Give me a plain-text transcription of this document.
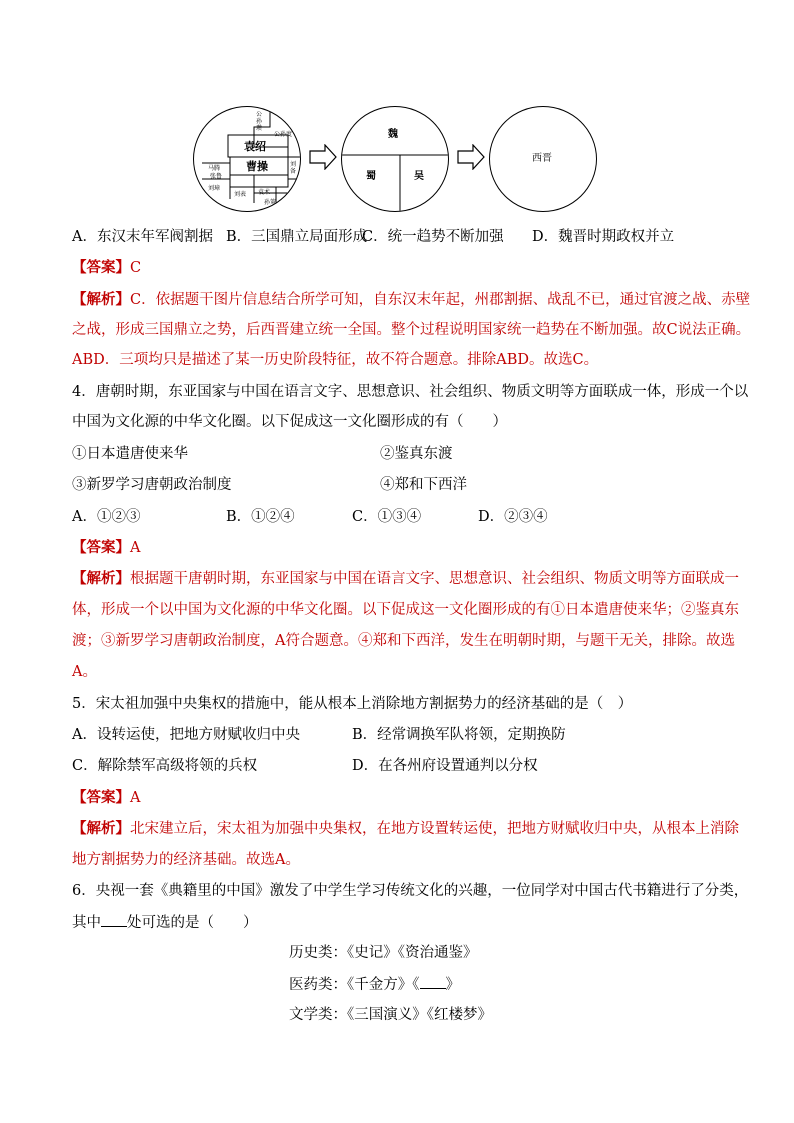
袁绍
曹操
公孙瓒
公孙度
马腾
张鲁
刘备
刘璋
刘表 袁术
孙策
魏
蜀	吴
西晋
A．东汉末年军阀割据 B．三国鼎立局面形成
C．统一趋势不断加强 D．魏晋时期政权并立
【答案】C
【解析】C．依据题干图片信息结合所学可知，自东汉末年起，州郡割据、战乱不已，通过官渡之战、赤壁
之战，形成三国鼎立之势，后西晋建立统一全国。整个过程说明国家统一趋势在不断加强。故C说法正确。
ABD．三项均只是描述了某一历史阶段特征，故不符合题意。排除ABD。故选C。
4．唐朝时期，东亚国家与中国在语言文字、思想意识、社会组织、物质文明等方面联成一体，形成一个以
中国为文化源的中华文化圈。以下促成这一文化圈形成的有（　　）
①日本遣唐使来华	②鉴真东渡
③新罗学习唐朝政治制度	④郑和下西洋
A．①②③	B．①②④	C．①③④	D．②③④
【答案】A
【解析】根据题干唐朝时期，东亚国家与中国在语言文字、思想意识、社会组织、物质文明等方面联成一
体，形成一个以中国为文化源的中华文化圈。以下促成这一文化圈形成的有①日本遣唐使来华；②鉴真东
渡；③新罗学习唐朝政治制度，A符合题意。④郑和下西洋，发生在明朝时期，与题干无关，排除。故选
A。
5．宋太祖加强中央集权的措施中，能从根本上消除地方割据势力的经济基础的是（　）
A．设转运使，把地方财赋收归中央	B．经常调换军队将领，定期换防
C．解除禁军高级将领的兵权	D．在各州府设置通判以分权
【答案】A
【解析】北宋建立后，宋太祖为加强中央集权，在地方设置转运使，把地方财赋收归中央，从根本上消除
地方割据势力的经济基础。故选A。
6．央视一套《典籍里的中国》激发了中学生学习传统文化的兴趣，一位同学对中国古代书籍进行了分类，
其中 处可选的是（　　）
历史类：《史记》《资治通鉴》
医药类：《千金方》《 》
文学类：《三国演义》《红楼梦》
